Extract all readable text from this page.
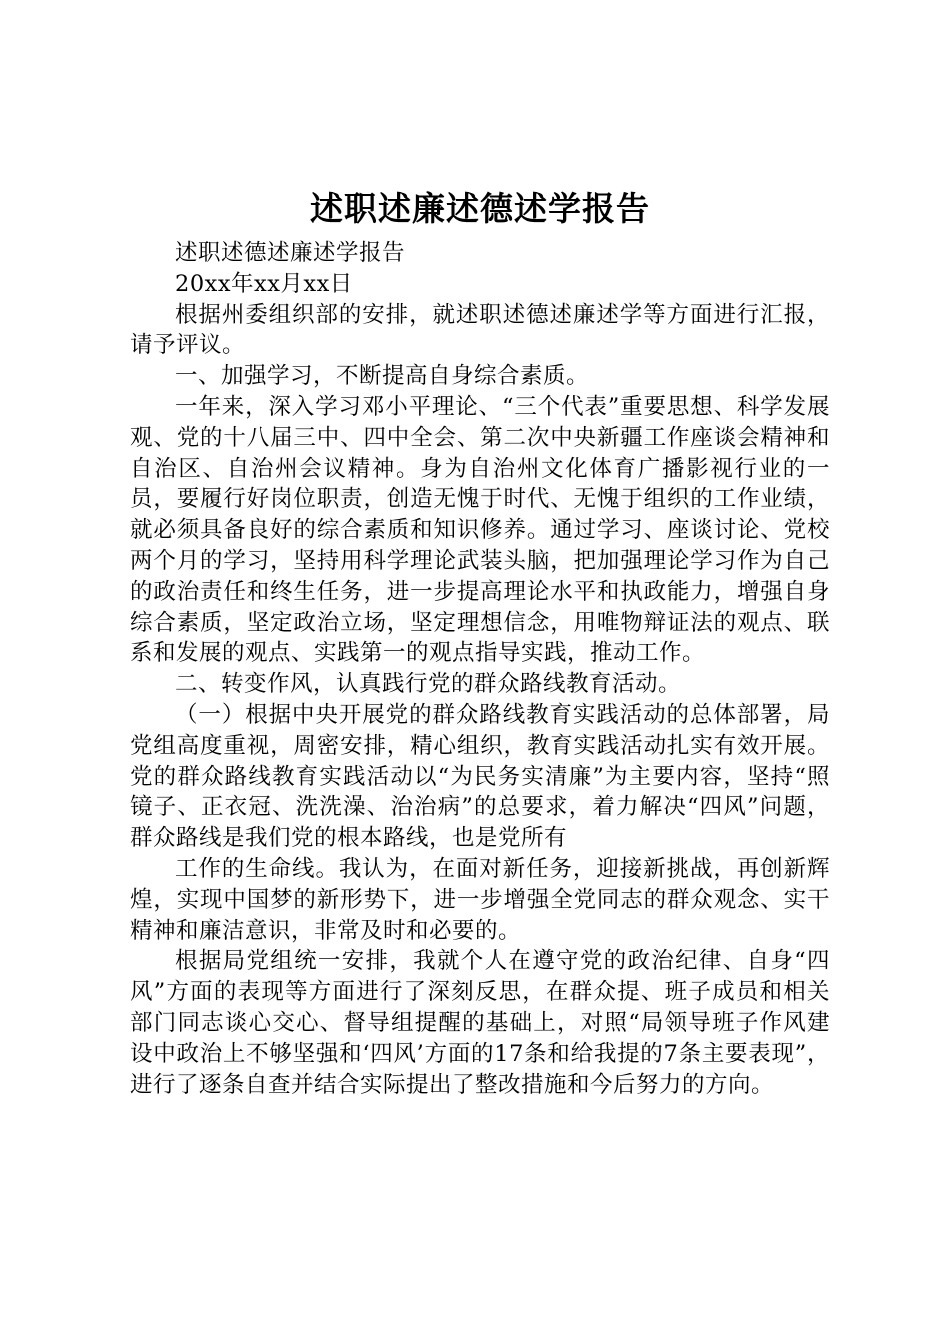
述职述廉述德述学报告

述职述德述廉述学报告

20xx年xx月xx日

根据州委组织部的安排，就述职述德述廉述学等方面进行汇报，请予评议。

一、加强学习，不断提高自身综合素质。

一年来，深入学习邓小平理论、“三个代表”重要思想、科学发展观、党的十八届三中、四中全会、第二次中央新疆工作座谈会精神和自治区、自治州会议精神。身为自治州文化体育广播影视行业的一员，要履行好岗位职责，创造无愧于时代、无愧于组织的工作业绩，就必须具备良好的综合素质和知识修养。通过学习、座谈讨论、党校两个月的学习，坚持用科学理论武装头脑，把加强理论学习作为自己的政治责任和终生任务，进一步提高理论水平和执政能力，增强自身综合素质，坚定政治立场，坚定理想信念，用唯物辩证法的观点、联系和发展的观点、实践第一的观点指导实践，推动工作。

二、转变作风，认真践行党的群众路线教育活动。

（一）根据中央开展党的群众路线教育实践活动的总体部署，局党组高度重视，周密安排，精心组织，教育实践活动扎实有效开展。党的群众路线教育实践活动以“为民务实清廉”为主要内容，坚持“照镜子、正衣冠、洗洗澡、治治病”的总要求，着力解决“四风”问题，群众路线是我们党的根本路线，也是党所有

工作的生命线。我认为，在面对新任务，迎接新挑战，再创新辉煌，实现中国梦的新形势下，进一步增强全党同志的群众观念、实干精神和廉洁意识，非常及时和必要的。

根据局党组统一安排，我就个人在遵守党的政治纪律、自身“四风”方面的表现等方面进行了深刻反思，在群众提、班子成员和相关部门同志谈心交心、督导组提醒的基础上，对照“局领导班子作风建设中政治上不够坚强和‘四风’方面的17条和给我提的7条主要表现”，进行了逐条自查并结合实际提出了整改措施和今后努力的方向。
